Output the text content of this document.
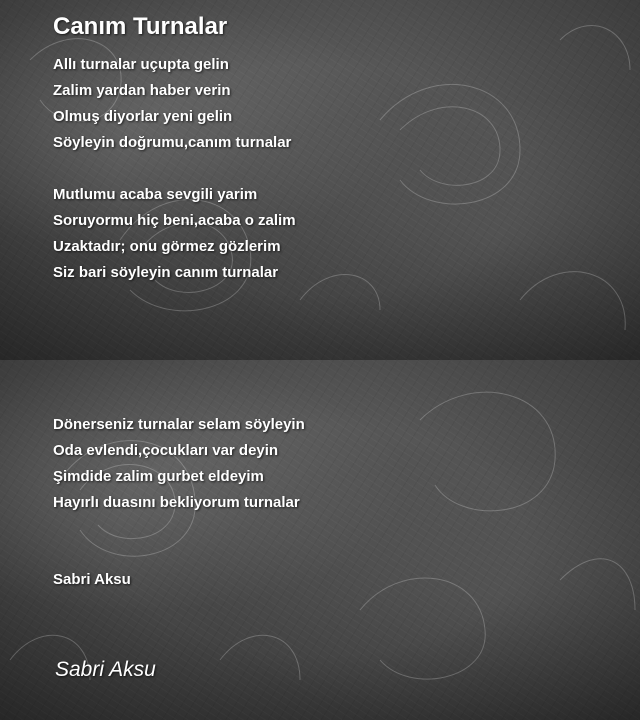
Canım Turnalar
Allı turnalar uçupta gelin
Zalim yardan haber verin
Olmuş diyorlar yeni gelin
Söyleyin doğrumu,canım turnalar
Mutlumu acaba sevgili yarim
Soruyormu hiç beni,acaba o zalim
Uzaktadır; onu görmez gözlerim
Siz bari söyleyin canım turnalar
Dönerseniz turnalar selam söyleyin
Oda evlendi,çocukları var deyin
Şimdide zalim gurbet eldeyim
Hayırlı duasını bekliyorum turnalar

Sabri Aksu

Sabri Aksu
